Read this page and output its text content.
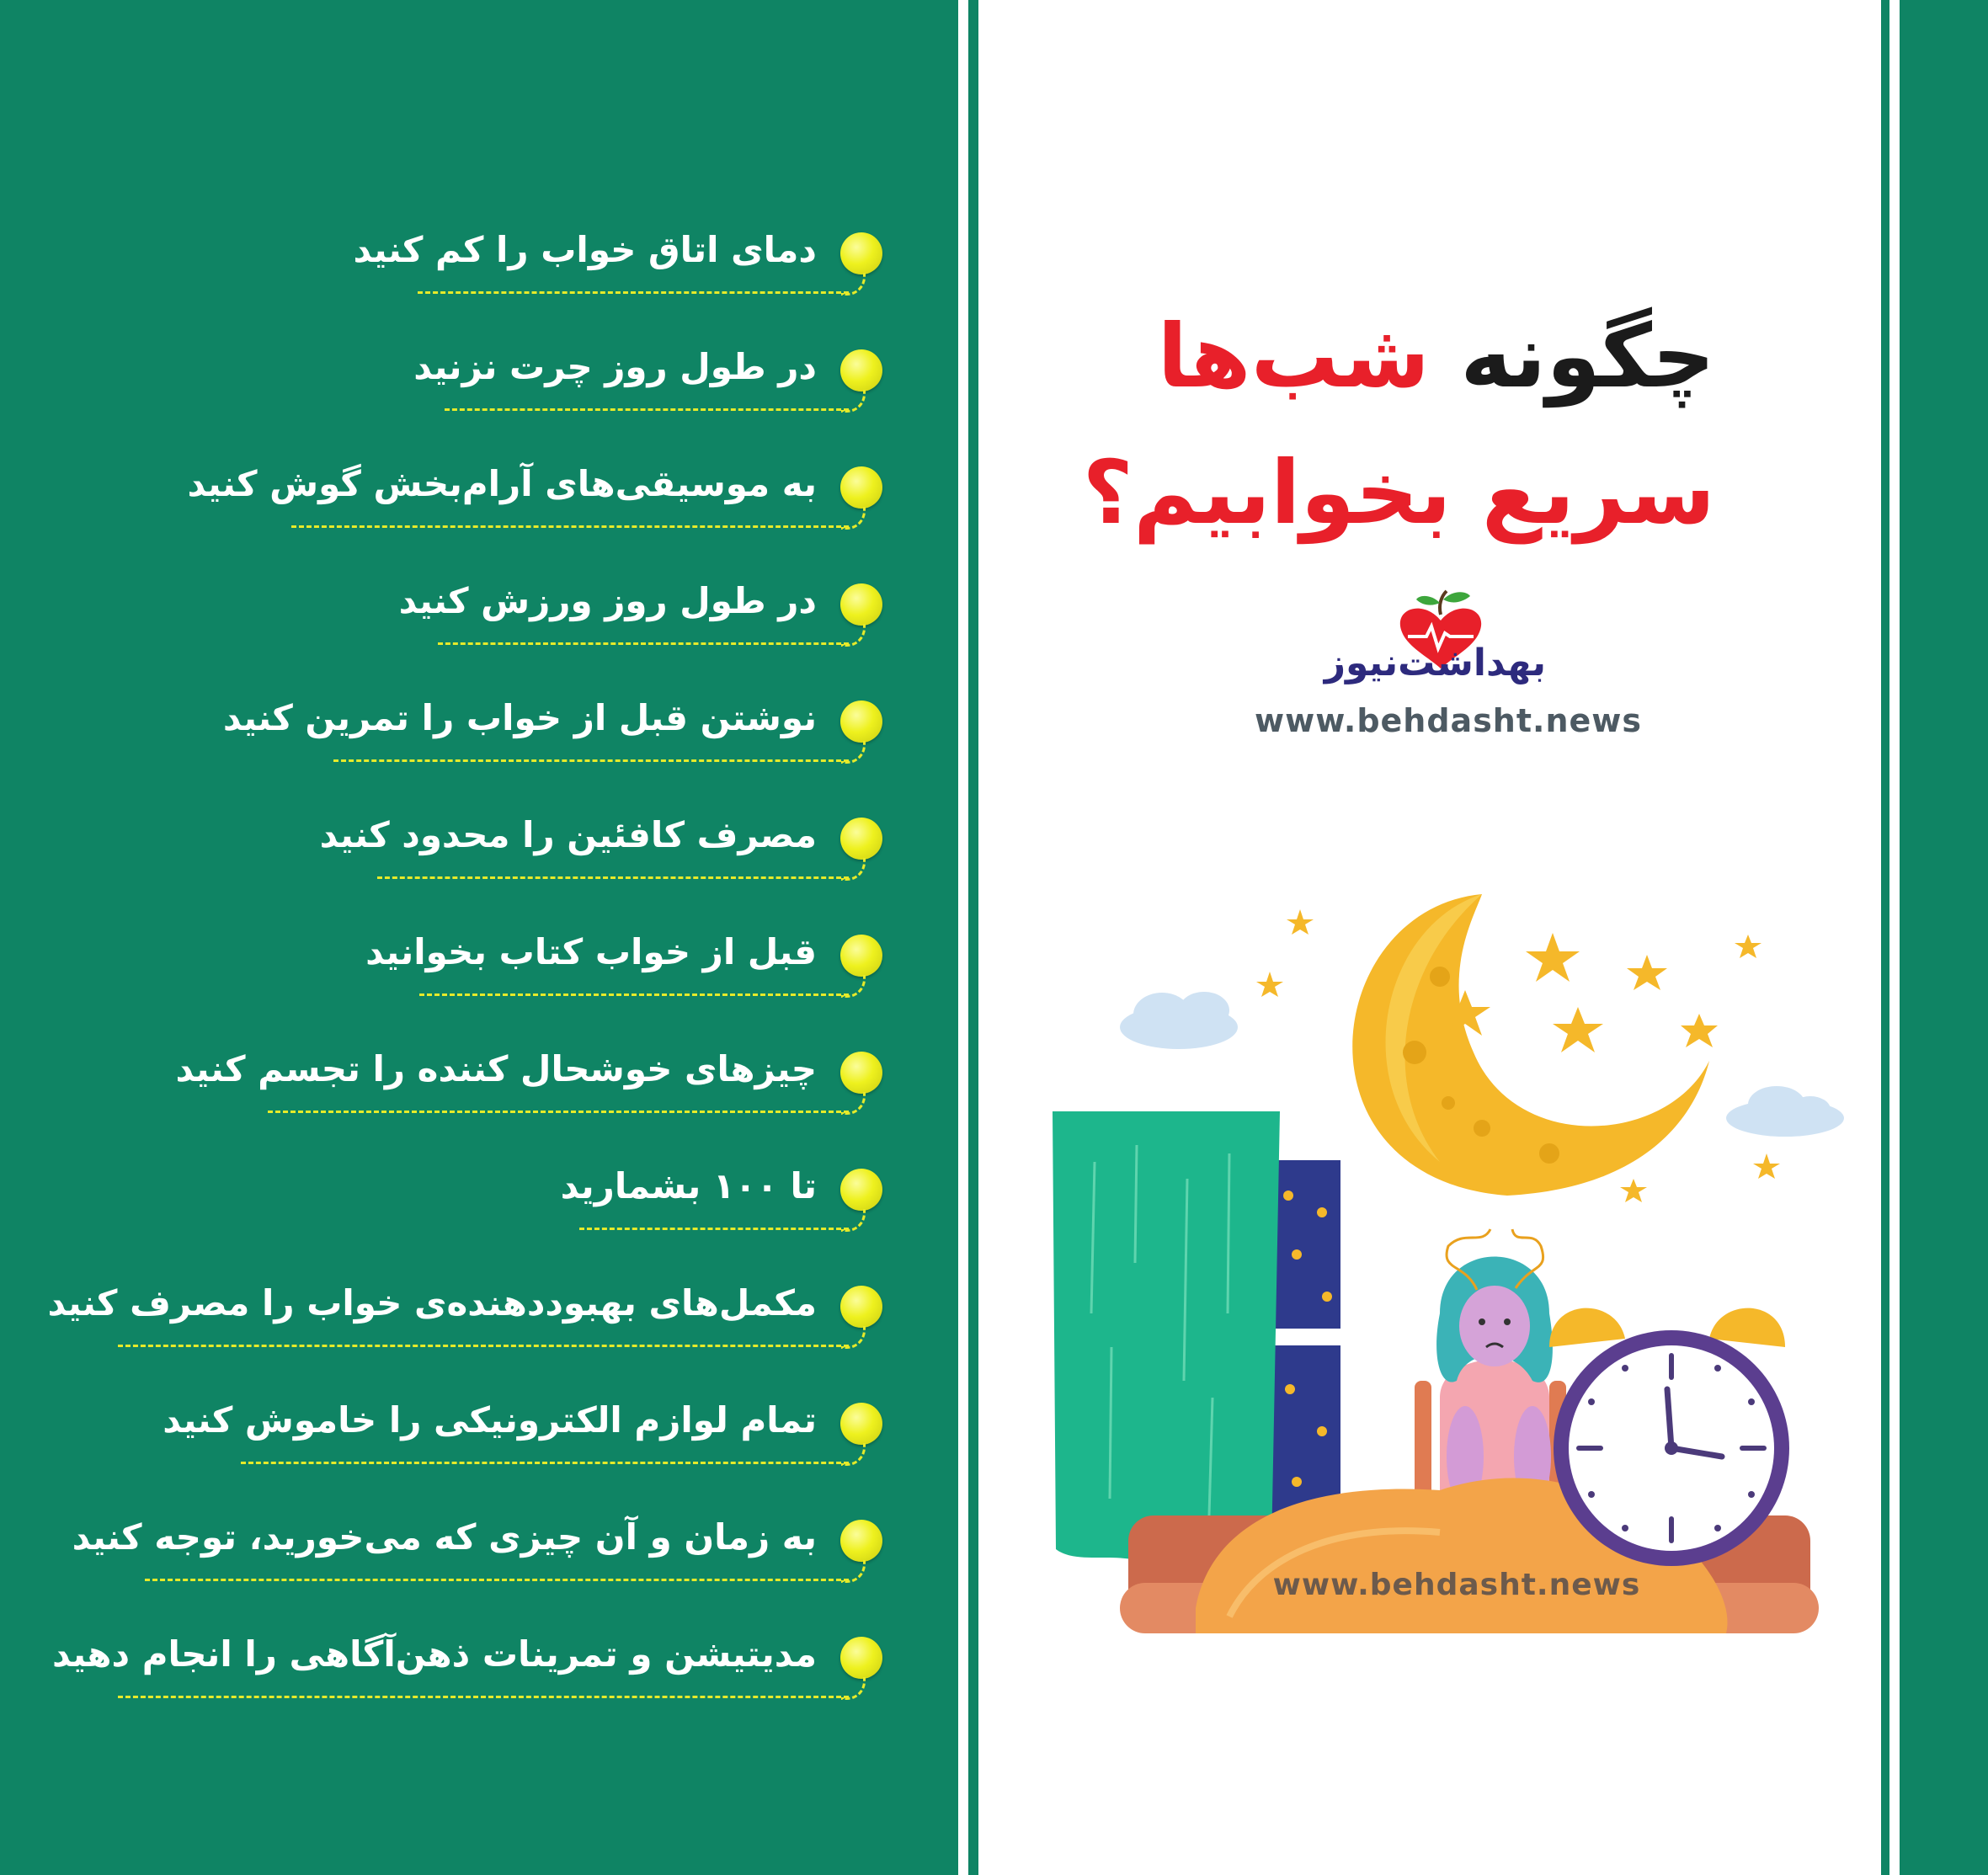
دمای اتاق خواب را کم کنید
در طول روز چرت نزنید
به موسیقی‌های آرام‌بخش گوش کنید
در طول روز ورزش کنید
نوشتن قبل از خواب را تمرین کنید
مصرف کافئین را محدود کنید
قبل از خواب کتاب بخوانید
چیزهای خوشحال کننده را تجسم کنید
تا ۱۰۰ بشمارید
مکمل‌های بهبوددهنده‌ی خواب را مصرف کنید
تمام لوازم الکترونیکی را خاموش کنید
به زمان و آن چیزی که می‌خورید، توجه کنید
مدیتیشن و تمرینات ذهن‌آگاهی را انجام دهید
چگونه شب‌ها
سریع بخوابیم؟
بهداشت‌نیوز
www.behdasht.news
www.behdasht.news
